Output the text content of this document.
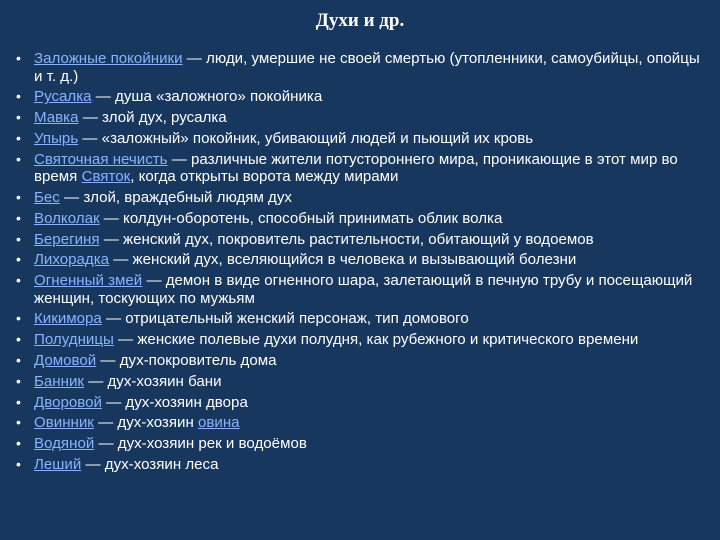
Духи и др.
• Заложные покойники — люди, умершие не своей смертью (утопленники, самоубийцы, опойцы и т. д.)
• Русалка — душа «заложного» покойника
• Мавка — злой дух, русалка
• Упырь — «заложный» покойник, убивающий людей и пьющий их кровь
• Святочная нечисть — различные жители потустороннего мира, проникающие в этот мир во время Святок, когда открыты ворота между мирами
• Бес — злой, враждебный людям дух
• Волколак — колдун-оборотень, способный принимать облик волка
• Берегиня — женский дух, покровитель растительности, обитающий у водоемов
• Лихорадка — женский дух, вселяющийся в человека и вызывающий болезни
• Огненный змей — демон в виде огненного шара, залетающий в печную трубу и посещающий женщин, тоскующих по мужьям
• Кикимора — отрицательный женский персонаж, тип домового
• Полудницы — женские полевые духи полудня, как рубежного и критического времени
• Домовой — дух-покровитель дома
• Банник — дух-хозяин бани
• Дворовой — дух-хозяин двора
• Овинник — дух-хозяин овина
• Водяной — дух-хозяин рек и водоёмов
• Леший — дух-хозяин леса
